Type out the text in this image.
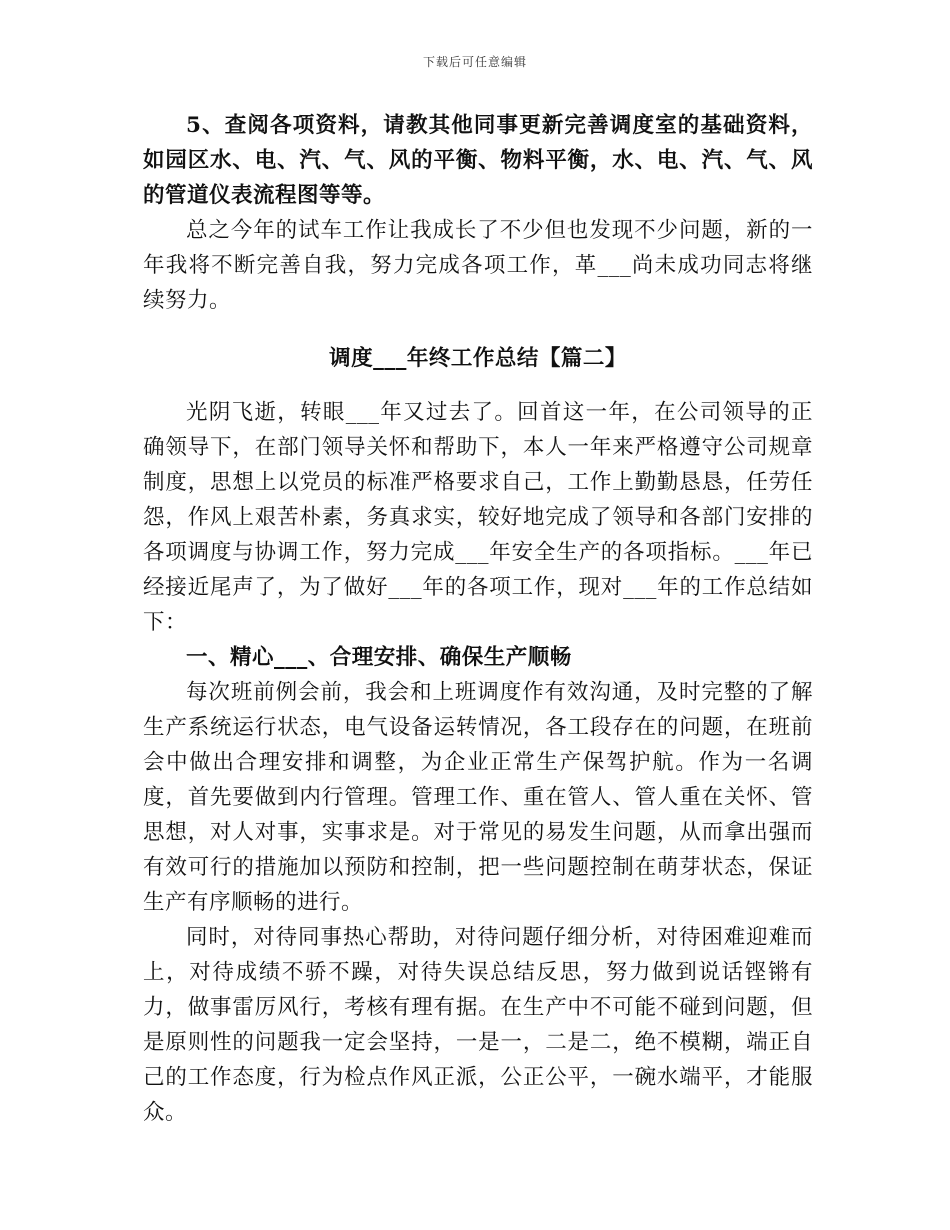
下载后可任意编辑

5、查阅各项资料，请教其他同事更新完善调度室的基础资料，如园区水、电、汽、气、风的平衡、物料平衡，水、电、汽、气、风的管道仪表流程图等等。

总之今年的试车工作让我成长了不少但也发现不少问题，新的一年我将不断完善自我，努力完成各项工作，革___尚未成功同志将继续努力。

调度___年终工作总结【篇二】

光阴飞逝，转眼___年又过去了。回首这一年，在公司领导的正确领导下，在部门领导关怀和帮助下，本人一年来严格遵守公司规章制度，思想上以党员的标准严格要求自己，工作上勤勤恳恳，任劳任怨，作风上艰苦朴素，务真求实，较好地完成了领导和各部门安排的各项调度与协调工作，努力完成___年安全生产的各项指标。___年已经接近尾声了，为了做好___年的各项工作，现对___年的工作总结如下：

一、精心___、合理安排、确保生产顺畅

每次班前例会前，我会和上班调度作有效沟通，及时完整的了解生产系统运行状态，电气设备运转情况，各工段存在的问题，在班前会中做出合理安排和调整，为企业正常生产保驾护航。作为一名调度，首先要做到内行管理。管理工作、重在管人、管人重在关怀、管思想，对人对事，实事求是。对于常见的易发生问题，从而拿出强而有效可行的措施加以预防和控制，把一些问题控制在萌芽状态，保证生产有序顺畅的进行。

同时，对待同事热心帮助，对待问题仔细分析，对待困难迎难而上，对待成绩不骄不躁，对待失误总结反思，努力做到说话铿锵有力，做事雷厉风行，考核有理有据。在生产中不可能不碰到问题，但是原则性的问题我一定会坚持，一是一，二是二，绝不模糊，端正自己的工作态度，行为检点作风正派，公正公平，一碗水端平，才能服众。
